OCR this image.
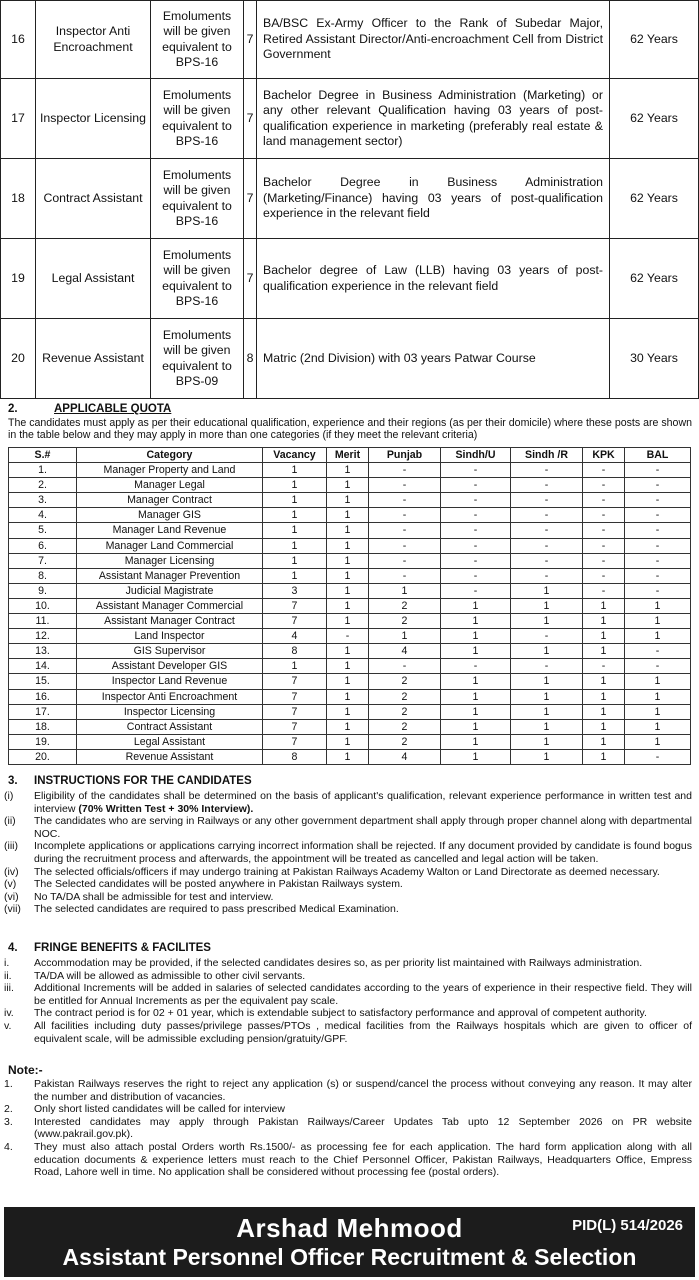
16	Inspector Anti Encroachment	Emoluments will be given equivalent to BPS-16	7	BA/BSC Ex-Army Officer to the Rank of Subedar Major, Retired Assistant Director/Anti-encroachment Cell from District Government	62 Years
17	Inspector Licensing	Emoluments will be given equivalent to BPS-16	7	Bachelor Degree in Business Administration (Marketing) or any other relevant Qualification having 03 years of post-qualification experience in marketing (preferably real estate & land management sector)	62 Years
18	Contract Assistant	Emoluments will be given equivalent to BPS-16	7	Bachelor Degree in Business Administration (Marketing/Finance) having 03 years of post-qualification experience in the relevant field	62 Years
19	Legal Assistant	Emoluments will be given equivalent to BPS-16	7	Bachelor degree of Law (LLB) having 03 years of post-qualification experience in the relevant field	62 Years
20	Revenue Assistant	Emoluments will be given equivalent to BPS-09	8	Matric (2nd Division) with 03 years Patwar Course	30 Years
2.	APPLICABLE QUOTA
The candidates must apply as per their educational qualification, experience and their regions (as per their domicile) where these posts are shown in the table below and they may apply in more than one categories (if they meet the relevant criteria)
S.#	Category	Vacancy	Merit	Punjab	Sindh/U	Sindh /R	KPK	BAL
1.	Manager Property and Land	1	1	-	-	-	-	-
2.	Manager Legal	1	1	-	-	-	-	-
3.	Manager Contract	1	1	-	-	-	-	-
4.	Manager GIS	1	1	-	-	-	-	-
5.	Manager Land Revenue	1	1	-	-	-	-	-
6.	Manager Land Commercial	1	1	-	-	-	-	-
7.	Manager Licensing	1	1	-	-	-	-	-
8.	Assistant Manager Prevention	1	1	-	-	-	-	-
9.	Judicial Magistrate	3	1	1	-	1	-	-
10.	Assistant Manager Commercial	7	1	2	1	1	1	1
11.	Assistant Manager Contract	7	1	2	1	1	1	1
12.	Land Inspector	4	-	1	1	-	1	1
13.	GIS Supervisor	8	1	4	1	1	1	-
14.	Assistant Developer GIS	1	1	-	-	-	-	-
15.	Inspector Land Revenue	7	1	2	1	1	1	1
16.	Inspector Anti Encroachment	7	1	2	1	1	1	1
17.	Inspector Licensing	7	1	2	1	1	1	1
18.	Contract Assistant	7	1	2	1	1	1	1
19.	Legal Assistant	7	1	2	1	1	1	1
20.	Revenue Assistant	8	1	4	1	1	1	-
3. INSTRUCTIONS FOR THE CANDIDATES
(i) Eligibility of the candidates shall be determined on the basis of applicant's qualification, relevant experience performance in written test and interview (70% Written Test + 30% Interview).
(ii) The candidates who are serving in Railways or any other government department shall apply through proper channel along with departmental NOC.
(iii) Incomplete applications or applications carrying incorrect information shall be rejected. If any document provided by candidate is found bogus during the recruitment process and afterwards, the appointment will be treated as cancelled and legal action will be taken.
(iv) The selected officials/officers if may undergo training at Pakistan Railways Academy Walton or Land Directorate as deemed necessary.
(v) The Selected candidates will be posted anywhere in Pakistan Railways system.
(vi) No TA/DA shall be admissible for test and interview.
(vii) The selected candidates are required to pass prescribed Medical Examination.
4. FRINGE BENEFITS & FACILITES
i. Accommodation may be provided, if the selected candidates desires so, as per priority list maintained with Railways administration.
ii. TA/DA will be allowed as admissible to other civil servants.
iii. Additional Increments will be added in salaries of selected candidates according to the years of experience in their respective field. They will be entitled for Annual Increments as per the equivalent pay scale.
iv. The contract period is for 02 + 01 year, which is extendable subject to satisfactory performance and approval of competent authority.
v. All facilities including duty passes/privilege passes/PTOs , medical facilities from the Railways hospitals which are given to officer of equivalent scale, will be admissible excluding pension/gratuity/GPF.
Note:-
1. Pakistan Railways reserves the right to reject any application (s) or suspend/cancel the process without conveying any reason. It may alter the number and distribution of vacancies.
2. Only short listed candidates will be called for interview
3. Interested candidates may apply through Pakistan Railways/Career Updates Tab upto 12 September 2026 on PR website (www.pakrail.gov.pk).
4. They must also attach postal Orders worth Rs.1500/- as processing fee for each application. The hard form application along with all education documents & experience letters must reach to the Chief Personnel Officer, Pakistan Railways, Headquarters Office, Empress Road, Lahore well in time. No application shall be considered without processing fee (postal orders).
Arshad Mehmood	PID(L) 514/2026
Assistant Personnel Officer Recruitment & Selection
